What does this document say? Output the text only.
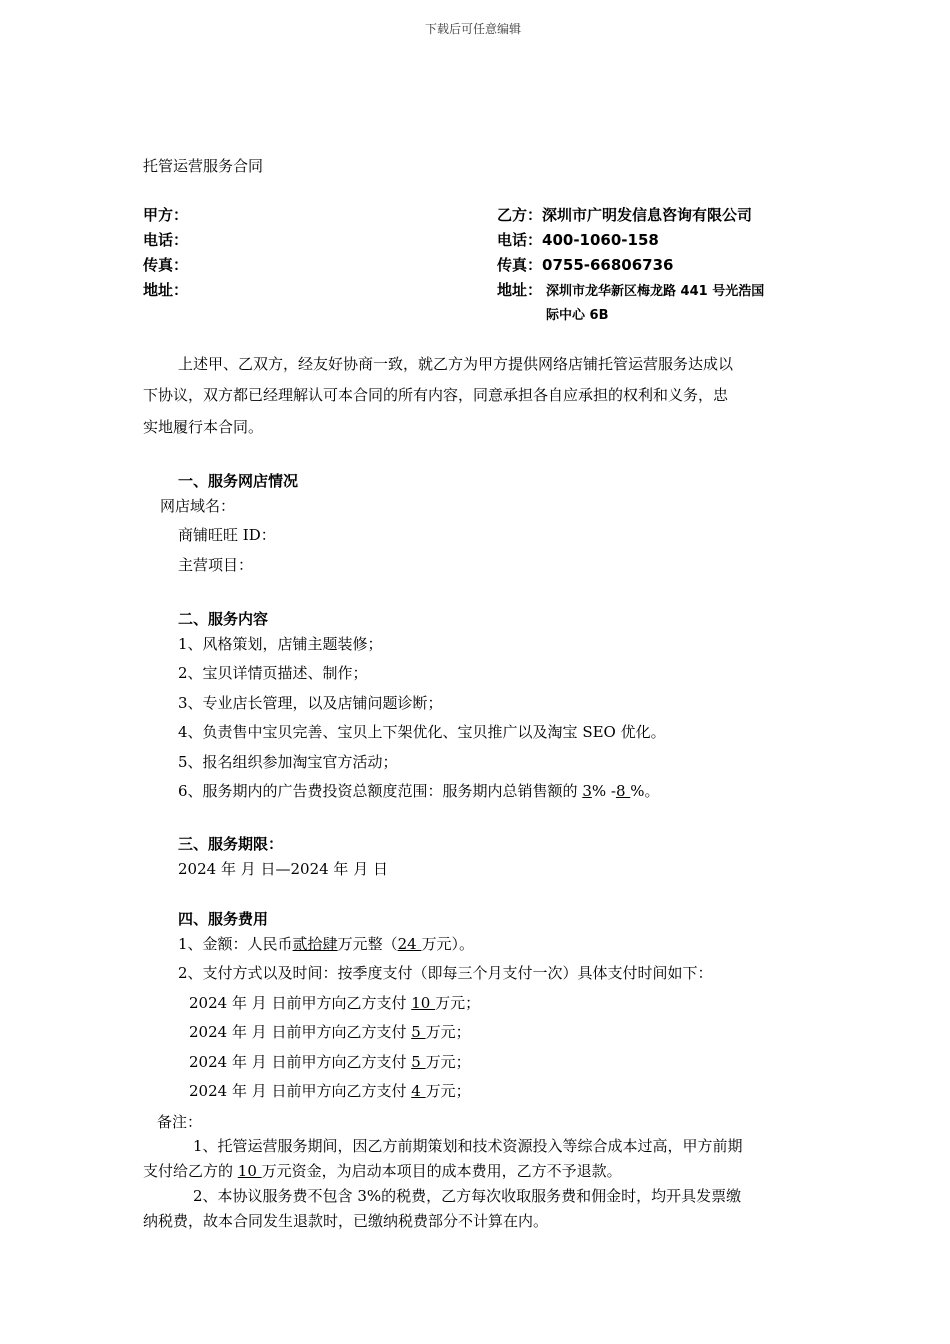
下载后可任意编辑
托管运营服务合同
甲方：
电话：
传真：
地址：
乙方：深圳市广明发信息咨询有限公司
电话：400-1060-158
传真：0755-66806736
地址： 深圳市龙华新区梅龙路 441 号光浩国
际中心 6B
上述甲、乙双方，经友好协商一致，就乙方为甲方提供网络店铺托管运营服务达成以
下协议，双方都已经理解认可本合同的所有内容，同意承担各自应承担的权利和义务，忠
实地履行本合同。
一、服务网店情况
网店域名：
商铺旺旺 ID：
主营项目：
二、服务内容
1、风格策划，店铺主题装修；
2、宝贝详情页描述、制作；
3、专业店长管理，以及店铺问题诊断；
4、负责售中宝贝完善、宝贝上下架优化、宝贝推广以及淘宝 SEO 优化。
5、报名组织参加淘宝官方活动；
6、服务期内的广告费投资总额度范围：服务期内总销售额的 3% -8 %。
三、服务期限：
2024 年 月 日—2024 年 月 日
四、服务费用
1、金额：人民币贰拾肆万元整（24 万元）。
2、支付方式以及时间：按季度支付（即每三个月支付一次）具体支付时间如下：
2024 年 月 日前甲方向乙方支付 10 万元；
2024 年 月 日前甲方向乙方支付 5 万元；
2024 年 月 日前甲方向乙方支付 5 万元；
2024 年 月 日前甲方向乙方支付 4 万元；
备注：
1、托管运营服务期间，因乙方前期策划和技术资源投入等综合成本过高，甲方前期
支付给乙方的 10 万元资金，为启动本项目的成本费用，乙方不予退款。
2、本协议服务费不包含 3%的税费，乙方每次收取服务费和佣金时，均开具发票缴
纳税费，故本合同发生退款时，已缴纳税费部分不计算在内。
